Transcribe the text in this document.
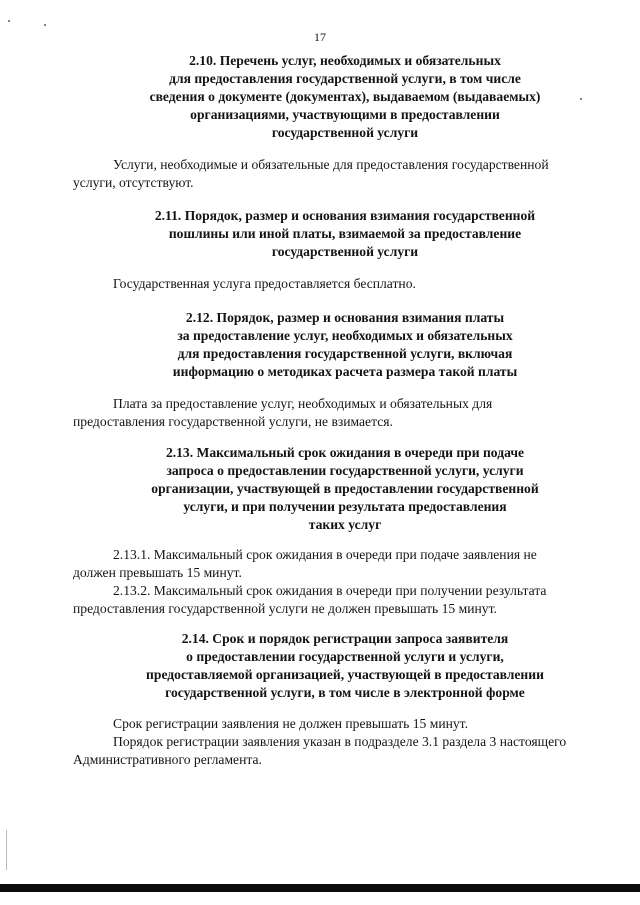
17
2.10. Перечень услуг, необходимых и обязательных
для предоставления государственной услуги, в том числе
сведения о документе (документах), выдаваемом (выдаваемых)
организациями, участвующими в предоставлении
государственной услуги
Услуги, необходимые и обязательные для предоставления государственной
услуги, отсутствуют.
2.11. Порядок, размер и основания взимания государственной
пошлины или иной платы, взимаемой за предоставление
государственной услуги
Государственная услуга предоставляется бесплатно.
2.12. Порядок, размер и основания взимания платы
за предоставление услуг, необходимых и обязательных
для предоставления государственной услуги, включая
информацию о методиках расчета размера такой платы
Плата за предоставление услуг, необходимых и обязательных для
предоставления государственной услуги, не взимается.
2.13. Максимальный срок ожидания в очереди при подаче
запроса о предоставлении государственной услуги, услуги
организации, участвующей в предоставлении государственной
услуги, и при получении результата предоставления
таких услуг
2.13.1. Максимальный срок ожидания в очереди при подаче заявления не
должен превышать 15 минут.
2.13.2. Максимальный срок ожидания в очереди при получении результата
предоставления государственной услуги не должен превышать 15 минут.
2.14. Срок и порядок регистрации запроса заявителя
о предоставлении государственной услуги и услуги,
предоставляемой организацией, участвующей в предоставлении
государственной услуги, в том числе в электронной форме
Срок регистрации заявления не должен превышать 15 минут.
Порядок регистрации заявления указан в подразделе 3.1 раздела 3 настоящего
Административного регламента.
